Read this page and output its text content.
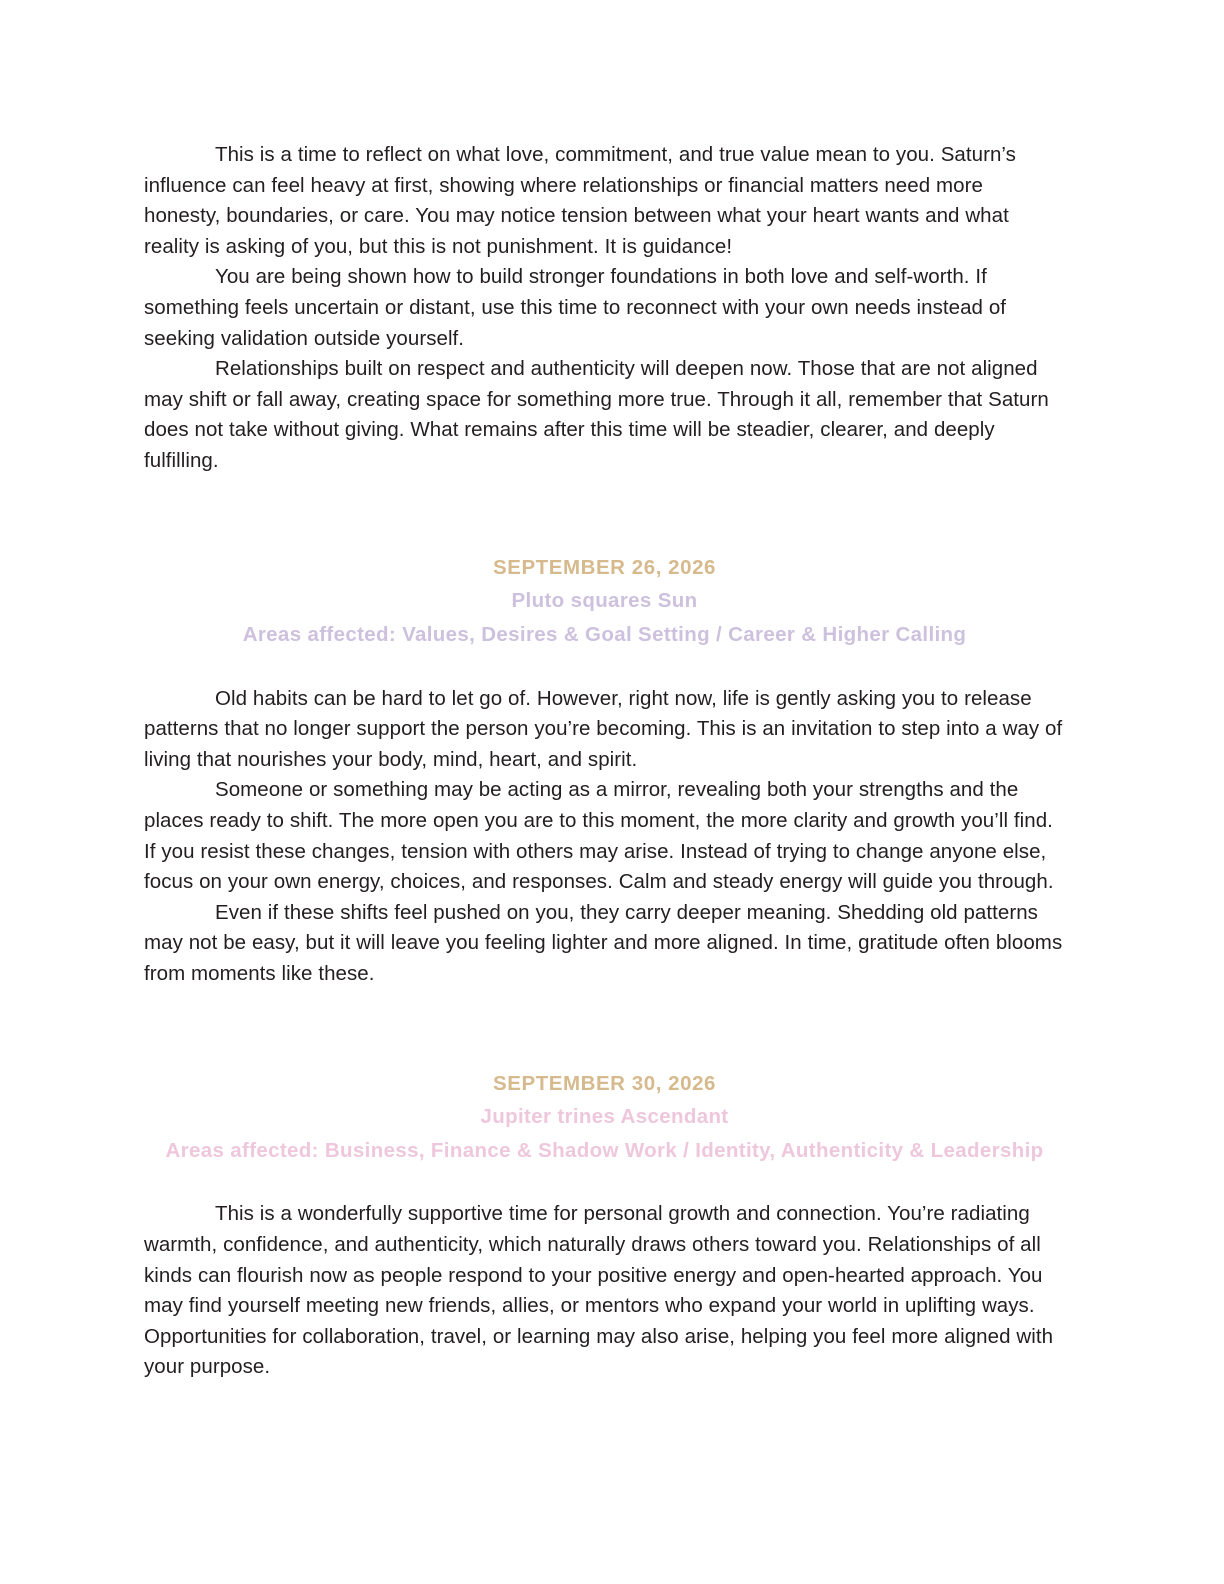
This is a time to reflect on what love, commitment, and true value mean to you. Saturn’s influence can feel heavy at first, showing where relationships or financial matters need more honesty, boundaries, or care. You may notice tension between what your heart wants and what reality is asking of you, but this is not punishment. It is guidance!

You are being shown how to build stronger foundations in both love and self-worth. If something feels uncertain or distant, use this time to reconnect with your own needs instead of seeking validation outside yourself.

Relationships built on respect and authenticity will deepen now. Those that are not aligned may shift or fall away, creating space for something more true. Through it all, remember that Saturn does not take without giving. What remains after this time will be steadier, clearer, and deeply fulfilling.

SEPTEMBER 26, 2026

Pluto squares Sun

Areas affected: Values, Desires & Goal Setting / Career & Higher Calling

Old habits can be hard to let go of. However, right now, life is gently asking you to release patterns that no longer support the person you’re becoming. This is an invitation to step into a way of living that nourishes your body, mind, heart, and spirit.

Someone or something may be acting as a mirror, revealing both your strengths and the places ready to shift. The more open you are to this moment, the more clarity and growth you’ll find. If you resist these changes, tension with others may arise. Instead of trying to change anyone else, focus on your own energy, choices, and responses. Calm and steady energy will guide you through.

Even if these shifts feel pushed on you, they carry deeper meaning. Shedding old patterns may not be easy, but it will leave you feeling lighter and more aligned. In time, gratitude often blooms from moments like these.

SEPTEMBER 30, 2026

Jupiter trines Ascendant

Areas affected: Business, Finance & Shadow Work / Identity, Authenticity & Leadership

This is a wonderfully supportive time for personal growth and connection. You’re radiating warmth, confidence, and authenticity, which naturally draws others toward you. Relationships of all kinds can flourish now as people respond to your positive energy and open-hearted approach. You may find yourself meeting new friends, allies, or mentors who expand your world in uplifting ways. Opportunities for collaboration, travel, or learning may also arise, helping you feel more aligned with your purpose.
